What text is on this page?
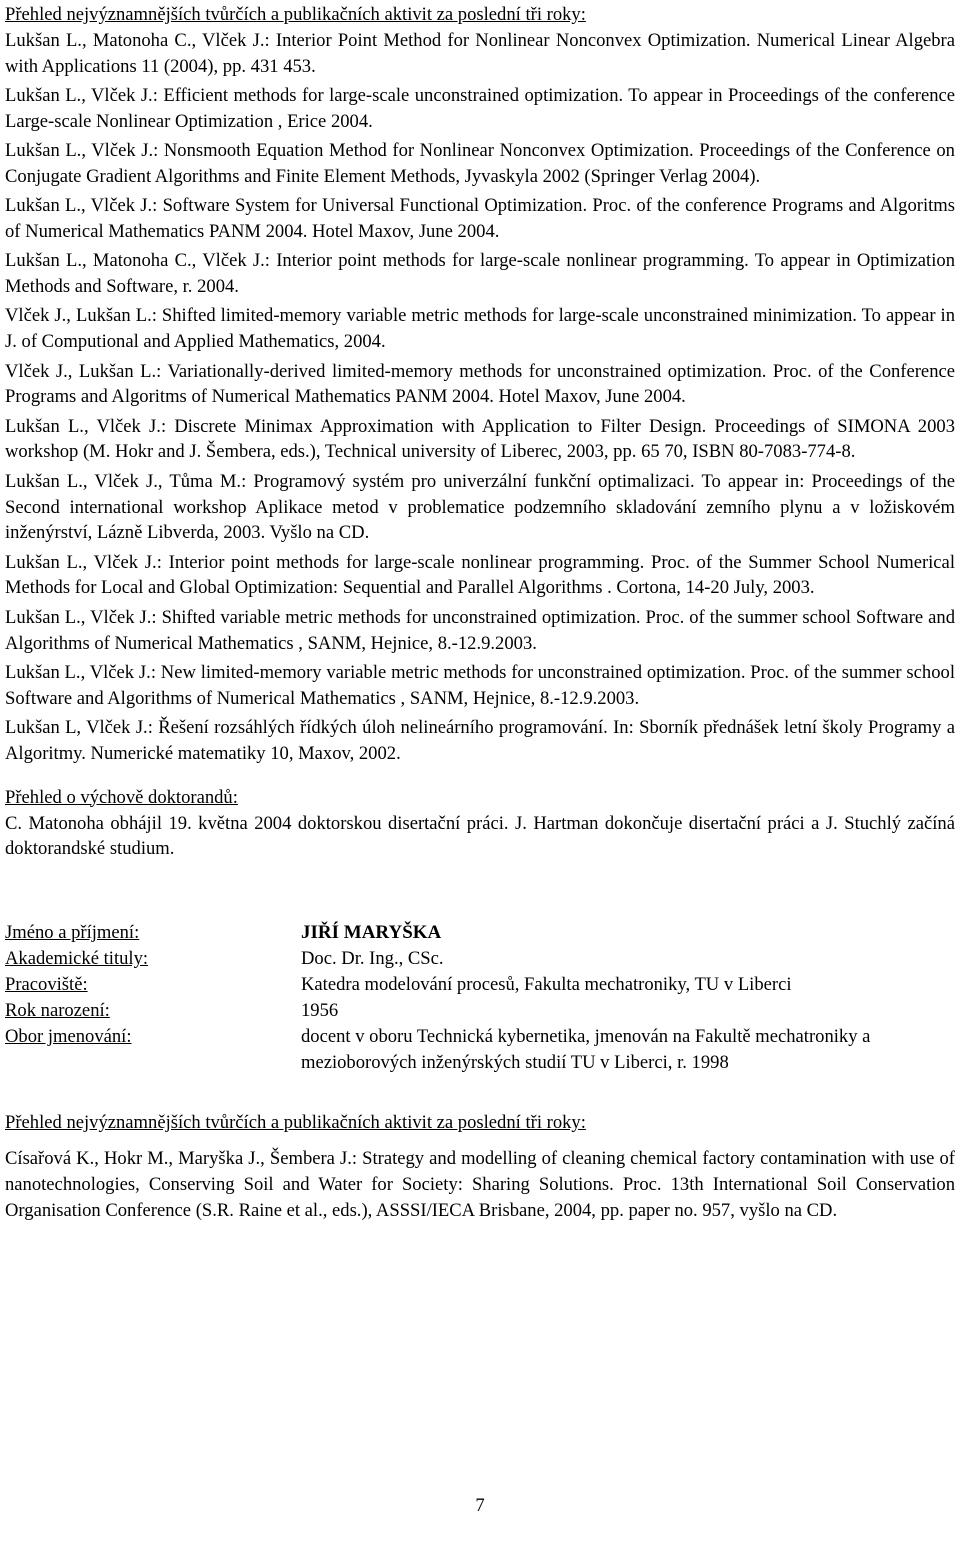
Přehled nejvýznamnějších tvůrčích a publikačních aktivit za poslední tři roky:

Lukšan L., Matonoha C., Vlček J.: Interior Point Method for Nonlinear Nonconvex Optimization. Numerical Linear Algebra with Applications 11 (2004), pp. 431 453.

Lukšan L., Vlček J.: Efficient methods for large-scale unconstrained optimization. To appear in Proceedings of the conference Large-scale Nonlinear Optimization , Erice 2004.

Lukšan L., Vlček J.: Nonsmooth Equation Method for Nonlinear Nonconvex Optimization. Proceedings of the Conference on Conjugate Gradient Algorithms and Finite Element Methods, Jyvaskyla 2002 (Springer Verlag 2004).

Lukšan L., Vlček J.: Software System for Universal Functional Optimization. Proc. of the conference Programs and Algoritms of Numerical Mathematics PANM 2004. Hotel Maxov, June 2004.

Lukšan L., Matonoha C., Vlček J.: Interior point methods for large-scale nonlinear programming. To appear in Optimization Methods and Software, r. 2004.

Vlček J., Lukšan L.: Shifted limited-memory variable metric methods for large-scale unconstrained minimization. To appear in J. of Computional and Applied Mathematics, 2004.

Vlček J., Lukšan L.: Variationally-derived limited-memory methods for unconstrained optimization. Proc. of the Conference Programs and Algoritms of Numerical Mathematics PANM 2004. Hotel Maxov, June 2004.

Lukšan L., Vlček J.: Discrete Minimax Approximation with Application to Filter Design. Proceedings of SIMONA 2003 workshop (M. Hokr and J. Šembera, eds.), Technical university of Liberec, 2003, pp. 65 70, ISBN 80-7083-774-8.

Lukšan L., Vlček J., Tůma M.: Programový systém pro univerzální funkční optimalizaci. To appear in: Proceedings of the Second international workshop Aplikace metod v problematice podzemního skladování zemního plynu a v ložiskovém inženýrství, Lázně Libverda, 2003. Vyšlo na CD.

Lukšan L., Vlček J.: Interior point methods for large-scale nonlinear programming. Proc. of the Summer School Numerical Methods for Local and Global Optimization: Sequential and Parallel Algorithms . Cortona, 14-20 July, 2003.

Lukšan L., Vlček J.: Shifted variable metric methods for unconstrained optimization. Proc. of the summer school Software and Algorithms of Numerical Mathematics , SANM, Hejnice, 8.-12.9.2003.

Lukšan L., Vlček J.: New limited-memory variable metric methods for unconstrained optimization. Proc. of the summer school Software and Algorithms of Numerical Mathematics , SANM, Hejnice, 8.-12.9.2003.

Lukšan L, Vlček J.: Řešení rozsáhlých řídkých úloh nelineárního programování. In: Sborník přednášek letní školy Programy a Algoritmy. Numerické matematiky 10, Maxov, 2002.

Přehled o výchově doktorandů:

C. Matonoha obhájil 19. května 2004 doktorskou disertační práci. J. Hartman dokončuje disertační práci a J. Stuchlý začíná doktorandské studium.

Jméno a příjmení:	JIŘÍ MARYŠKA
Akademické tituly:	Doc. Dr. Ing., CSc.
Pracoviště:	Katedra modelování procesů, Fakulta mechatroniky, TU v Liberci
Rok narození:	1956
Obor jmenování:	docent v oboru Technická kybernetika, jmenován na Fakultě mechatroniky a mezioborových inženýrských studií TU v Liberci, r. 1998

Přehled nejvýznamnějších tvůrčích a publikačních aktivit za poslední tři roky:

Císařová K., Hokr M., Maryška J., Šembera J.: Strategy and modelling of cleaning chemical factory contamination with use of nanotechnologies, Conserving Soil and Water for Society: Sharing Solutions. Proc. 13th International Soil Conservation Organisation Conference (S.R. Raine et al., eds.), ASSSI/IECA Brisbane, 2004, pp. paper no. 957, vyšlo na CD.

7
